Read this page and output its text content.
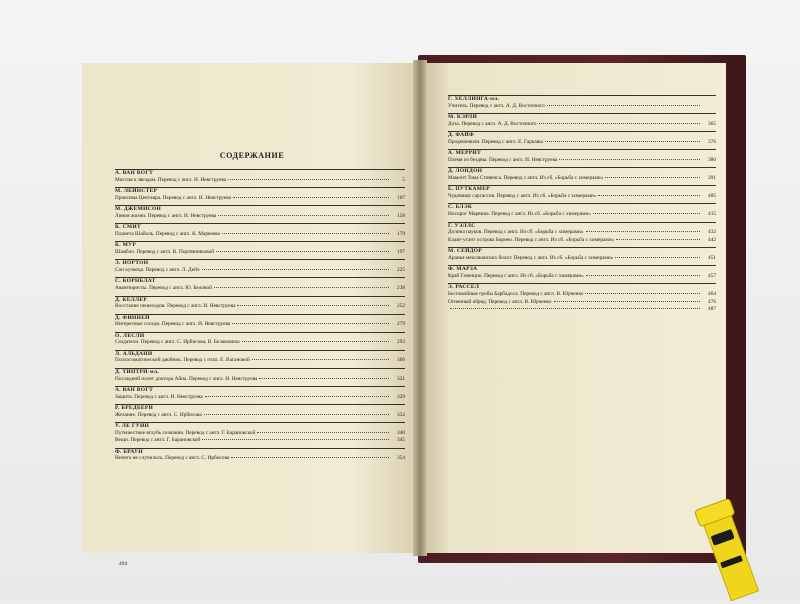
СОДЕРЖАНИЕ
А. ВАН ВОГТ
Миссия к звездам. Перевод с англ. И. Невструева	5
М. ЛЕЙНСТЕР
Проксима Центавра. Перевод с англ. И. Невструева	107
М. ДЖЕМИСОН
Линия жизни. Перевод с англ. И. Невструева	158
К. СМИТ
Планета Шайоль. Перевод с англ. К. Маркеева	179
К. МУР
Шамбло. Перевод с англ. В. Портянниковой	197
Э. НОРТОН
Сон кузнеца. Перевод с англ. Л. Дейч	225
С. КОРНБЛАТ
Авантюристы. Перевод с англ. Ю. Беловой	238
Д. КЕЛЛЕР
Восстание пешеходов. Перевод с англ. И. Невструева	252
Д. ФИННЕЙ
Интересные соседи. Перевод с англ. И. Невструева	279
О. ЛЕСЛИ
Создатели. Перевод с англ. С. Ирбисова, В. Белаковича	293
Л. АЛЬДАНИ
Психосоматический двойник. Перевод с итал. Е. Вагановой	306
Д. ТИПТРИ-мл.
Последний полет доктора Айна. Перевод с англ. И. Невструева	321
А. ВАН ВОГТ
Защита. Перевод с англ. И. Невструева	329
Р. БРЕДБЕРИ
Желание. Перевод с англ. С. Ирбисова	332
У. ЛЕ ГУИН
Путешествие вглубь сознания. Перевод с англ. Г. Барановской	340
Вещи. Перевод с англ. Г. Барановской	345
Ф. БРАУН
Ничего не случилось. Перевод с англ. С. Ирбисова	354
494
Г. ХЕЛЛИНГА-мл.
Учитель. Перевод с англ. А. Д. Восточного
М. КЭРЛИ
Доза. Перевод с англ. А. Д. Восточного	365
Д. ФАЙФ
Продешевили. Перевод с англ. Е. Гаркавы	376
А. МЕРРИТ
Племя из бездны. Перевод с англ. И. Невструева	380
Д. ЛОНДОН
Мамонт Тома Стивенса. Перевод с англ. Из сб. «Борьба с химерами»	391
Е. ПУТКАМЕР
Чудовище саргассов. Перевод с англ. Из сб. «Борьба с химерами»	405
С. БЛЭК
Носорог Марвина. Перевод с англ. Из сб. «Борьба с химерами»	415
Г. УЭЛЛС
Долина пауков. Перевод с англ. Из сб. «Борьба с химерами»	432
Клавт-утант острова Борнео. Перевод с англ. Из сб. «Борьба с химерами»	442
М. СЕЙДОР
Аранья мексиканских болот. Перевод с англ. Из сб. «Борьба с химерами»	451
Ф. МАРЗА
Краб Газенцио. Перевод с англ. Из сб. «Борьба с химерами»	457
Э. РАССЕЛ
Беспокойные гробы Барбадоса. Перевод с англ. В. Юрченко	464
Огненный обряд. Перевод с англ. В. Юрченко	476
487
